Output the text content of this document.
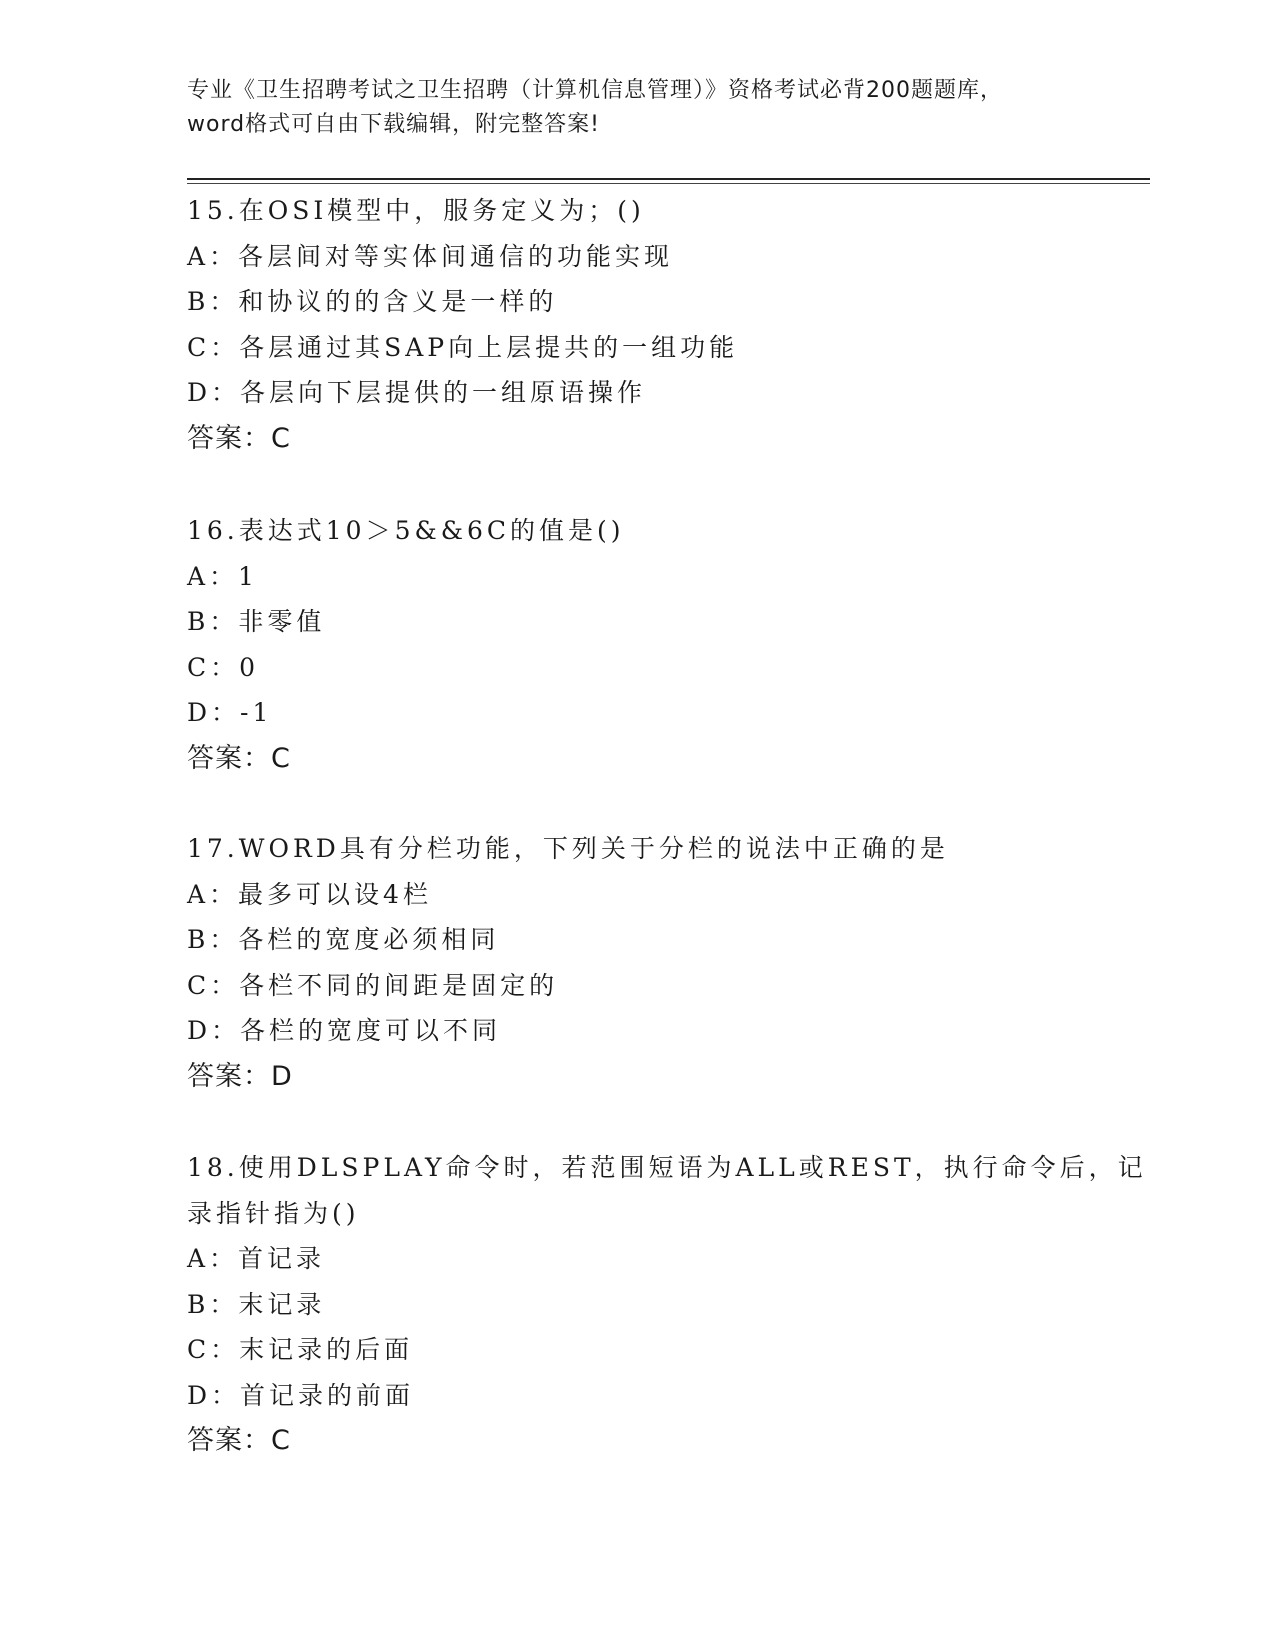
专业《卫生招聘考试之卫生招聘（计算机信息管理）》资格考试必背200题题库，
word格式可自由下载编辑，附完整答案!
15.在OSI模型中，服务定义为；()
A：各层间对等实体间通信的功能实现
B：和协议的的含义是一样的
C：各层通过其SAP向上层提共的一组功能
D：各层向下层提供的一组原语操作
答案：C
16.表达式10＞5&&6C的值是()
A：1
B：非零值
C：0
D：-1
答案：C
17.WORD具有分栏功能，下列关于分栏的说法中正确的是
A：最多可以设4栏
B：各栏的宽度必须相同
C：各栏不同的间距是固定的
D：各栏的宽度可以不同
答案：D
18.使用DLSPLAY命令时，若范围短语为ALL或REST，执行命令后，记
录指针指为()
A：首记录
B：末记录
C：末记录的后面
D：首记录的前面
答案：C
